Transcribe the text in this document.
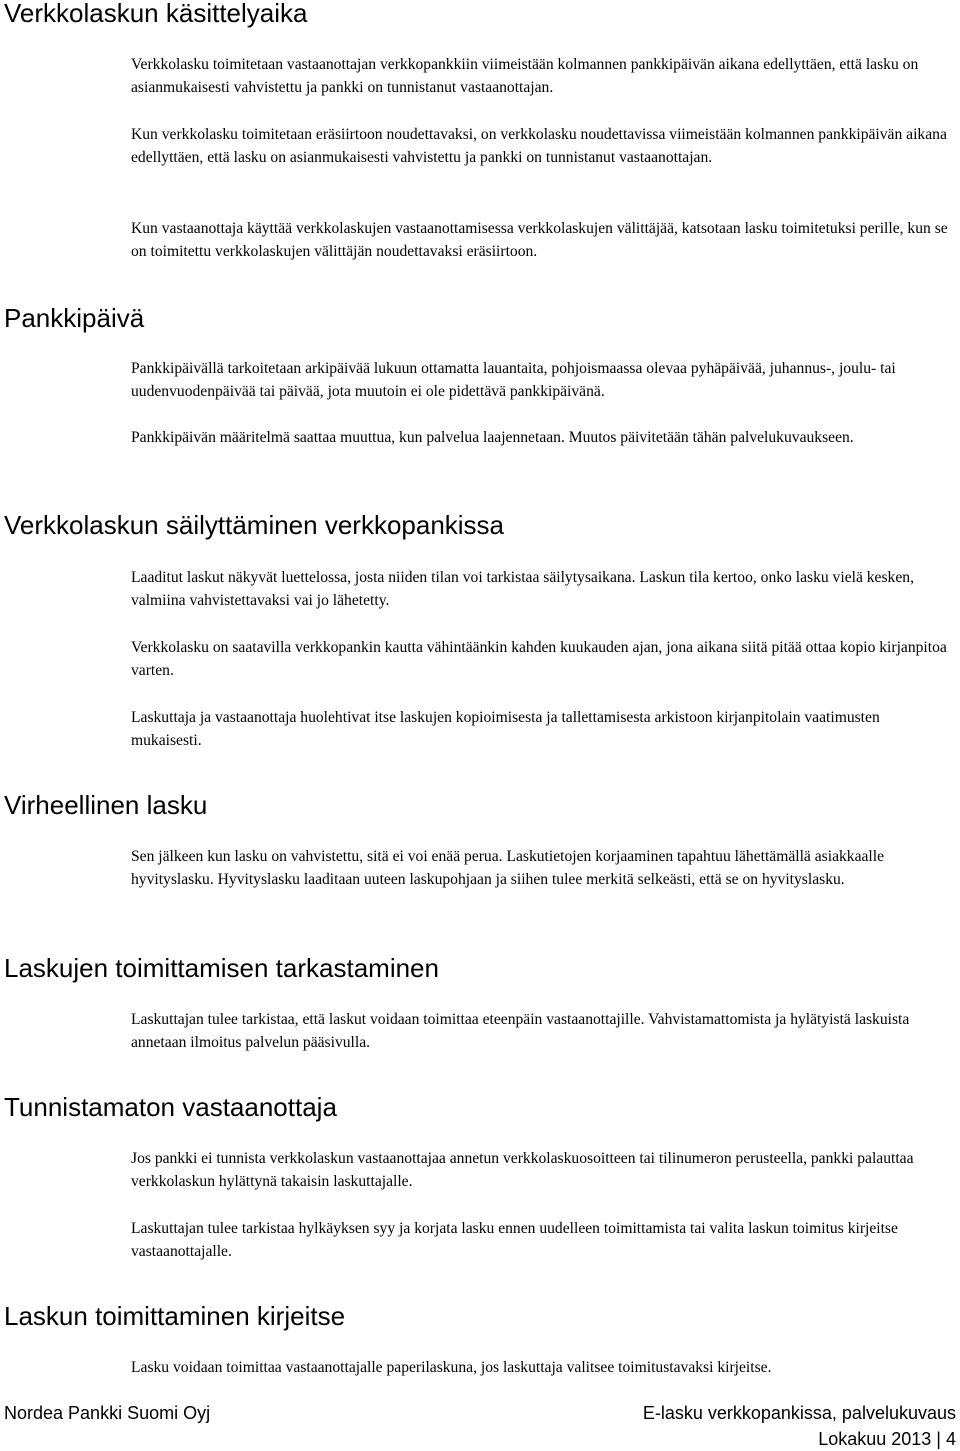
Verkkolaskun käsittelyaika

Verkkolasku toimitetaan vastaanottajan verkkopankkiin viimeistään kolmannen pankkipäivän aikana edellyttäen, että lasku on asianmukaisesti vahvistettu ja pankki on tunnistanut vastaanottajan.

Kun verkkolasku toimitetaan eräsiirtoon noudettavaksi, on verkkolasku noudettavissa viimeistään kolmannen pankkipäivän aikana edellyttäen, että lasku on asianmukaisesti vahvistettu ja pankki on tunnistanut vastaanottajan.

Kun vastaanottaja käyttää verkkolaskujen vastaanottamisessa verkkolaskujen välittäjää, katsotaan lasku toimitetuksi perille, kun se on toimitettu verkkolaskujen välittäjän noudettavaksi eräsiirtoon.

Pankkipäivä

Pankkipäivällä tarkoitetaan arkipäivää lukuun ottamatta lauantaita, pohjoismaassa olevaa pyhäpäivää, juhannus-, joulu- tai uudenvuodenpäivää tai päivää, jota muutoin ei ole pidettävä pankkipäivänä.

Pankkipäivän määritelmä saattaa muuttua, kun palvelua laajennetaan. Muutos päivitetään tähän palvelukuvaukseen.

Verkkolaskun säilyttäminen verkkopankissa

Laaditut laskut näkyvät luettelossa, josta niiden tilan voi tarkistaa säilytysaikana. Laskun tila kertoo, onko lasku vielä kesken, valmiina vahvistettavaksi vai jo lähetetty.

Verkkolasku on saatavilla verkkopankin kautta vähintäänkin kahden kuukauden ajan, jona aikana siitä pitää ottaa kopio kirjanpitoa varten.

Laskuttaja ja vastaanottaja huolehtivat itse laskujen kopioimisesta ja tallettamisesta arkistoon kirjanpitolain vaatimusten mukaisesti.

Virheellinen lasku

Sen jälkeen kun lasku on vahvistettu, sitä ei voi enää perua. Laskutietojen korjaaminen tapahtuu lähettämällä asiakkaalle hyvityslasku. Hyvityslasku laaditaan uuteen laskupohjaan ja siihen tulee merkitä selkeästi, että se on hyvityslasku.

Laskujen toimittamisen tarkastaminen

Laskuttajan tulee tarkistaa, että laskut voidaan toimittaa eteenpäin vastaanottajille. Vahvistamattomista ja hylätyistä laskuista annetaan ilmoitus palvelun pääsivulla.

Tunnistamaton vastaanottaja

Jos pankki ei tunnista verkkolaskun vastaanottajaa annetun verkkolaskuosoitteen tai tilinumeron perusteella, pankki palauttaa verkkolaskun hylättynä takaisin laskuttajalle.

Laskuttajan tulee tarkistaa hylkäyksen syy ja korjata lasku ennen uudelleen toimittamista tai valita laskun toimitus kirjeitse vastaanottajalle.

Laskun toimittaminen kirjeitse

Lasku voidaan toimittaa vastaanottajalle paperilaskuna, jos laskuttaja valitsee toimitustavaksi kirjeitse.

Nordea Pankki Suomi Oyj	E-lasku verkkopankissa, palvelukuvaus

Lokakuu 2013 | 4
